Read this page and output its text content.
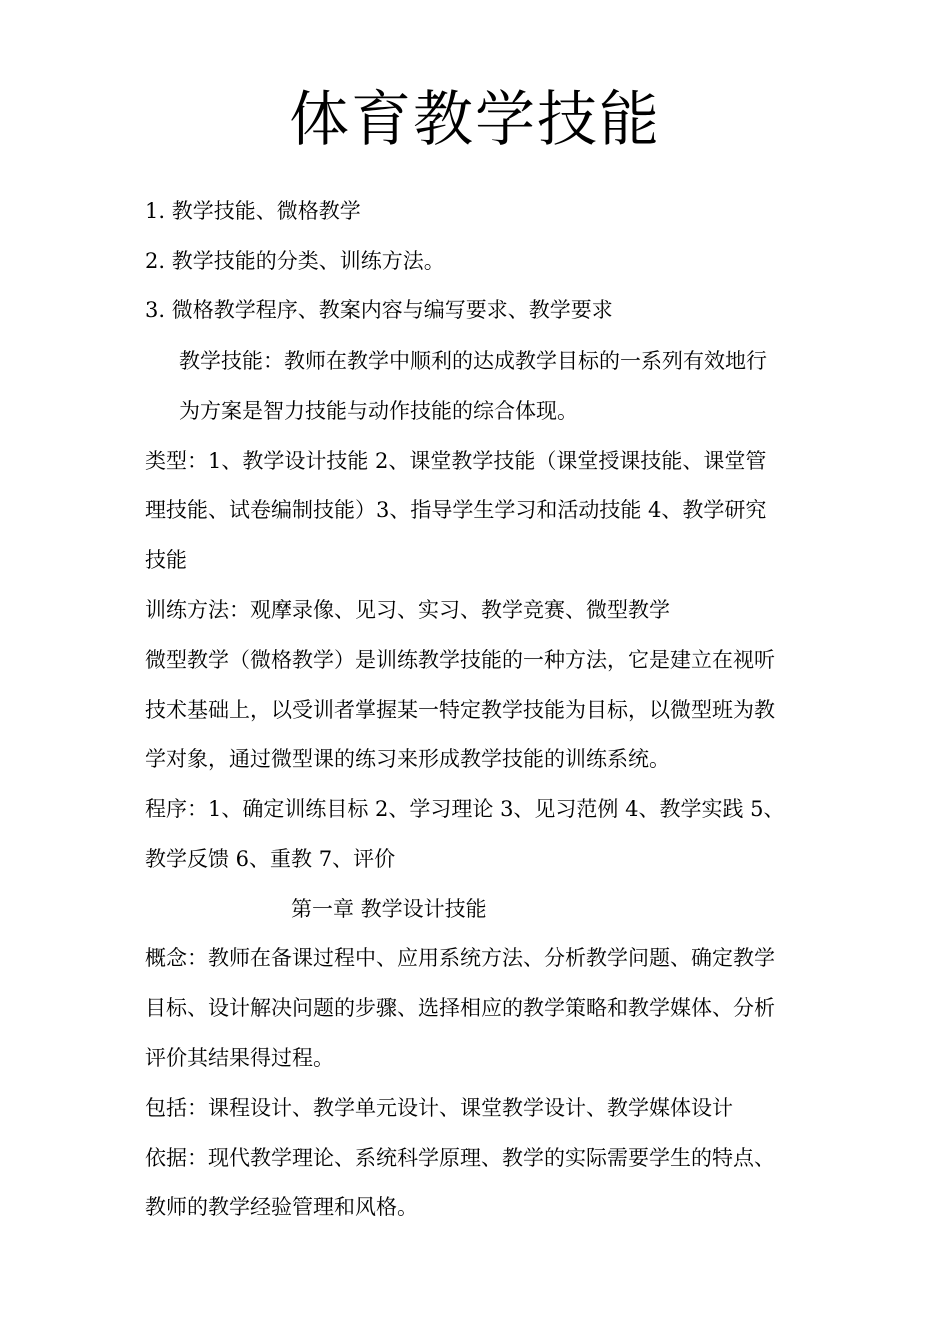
体育教学技能
1. 教学技能、微格教学
2. 教学技能的分类、训练方法。
3. 微格教学程序、教案内容与编写要求、教学要求
教学技能：教师在教学中顺利的达成教学目标的一系列有效地行
为方案是智力技能与动作技能的综合体现。
类型：1、教学设计技能 2、课堂教学技能（课堂授课技能、课堂管
理技能、试卷编制技能）3、指导学生学习和活动技能 4、教学研究
技能
训练方法：观摩录像、见习、实习、教学竞赛、微型教学
微型教学（微格教学）是训练教学技能的一种方法，它是建立在视听
技术基础上，以受训者掌握某一特定教学技能为目标，以微型班为教
学对象，通过微型课的练习来形成教学技能的训练系统。
程序：1、确定训练目标 2、学习理论 3、见习范例 4、教学实践 5、
教学反馈 6、重教 7、评价
第一章 教学设计技能
概念：教师在备课过程中、应用系统方法、分析教学问题、确定教学
目标、设计解决问题的步骤、选择相应的教学策略和教学媒体、分析
评价其结果得过程。
包括：课程设计、教学单元设计、课堂教学设计、教学媒体设计
依据：现代教学理论、系统科学原理、教学的实际需要学生的特点、
教师的教学经验管理和风格。
